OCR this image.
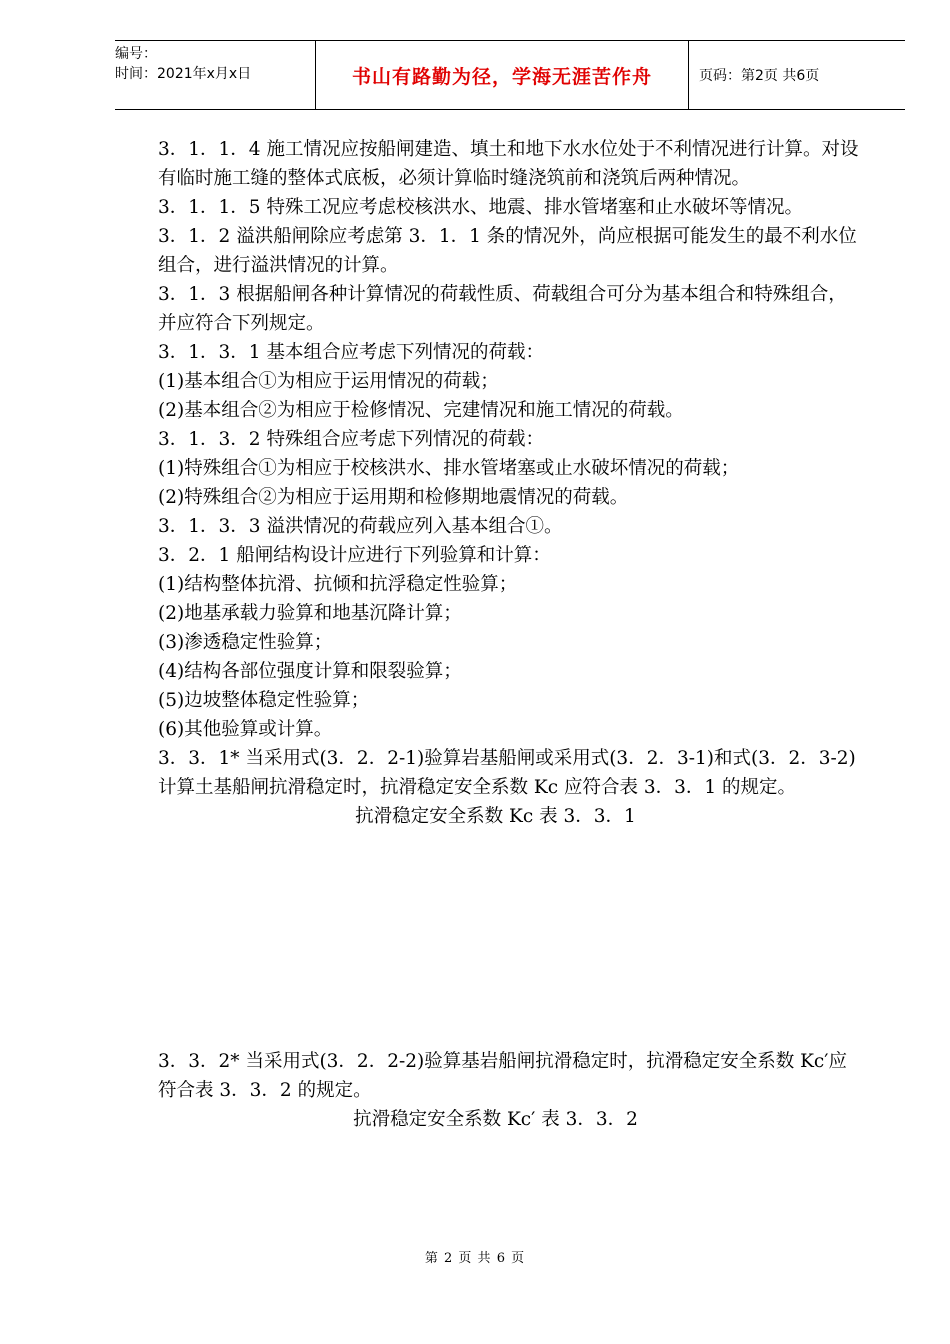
编号：
时间：2021年x月x日	书山有路勤为径，学海无涯苦作舟	页码：第2页 共6页

3．1．1．4 施工情况应按船闸建造、填土和地下水水位处于不利情况进行计算。对设有临时施工缝的整体式底板，必须计算临时缝浇筑前和浇筑后两种情况。

3．1．1．5 特殊工况应考虑校核洪水、地震、排水管堵塞和止水破坏等情况。

3．1．2 溢洪船闸除应考虑第 3．1．1 条的情况外，尚应根据可能发生的最不利水位组合，进行溢洪情况的计算。

3．1．3 根据船闸各种计算情况的荷载性质、荷载组合可分为基本组合和特殊组合，并应符合下列规定。

3．1．3．1 基本组合应考虑下列情况的荷载：

(1)基本组合①为相应于运用情况的荷载；

(2)基本组合②为相应于检修情况、完建情况和施工情况的荷载。

3．1．3．2 特殊组合应考虑下列情况的荷载：

(1)特殊组合①为相应于校核洪水、排水管堵塞或止水破坏情况的荷载；

(2)特殊组合②为相应于运用期和检修期地震情况的荷载。

3．1．3．3 溢洪情况的荷载应列入基本组合①。

3．2．1 船闸结构设计应进行下列验算和计算：

(1)结构整体抗滑、抗倾和抗浮稳定性验算；

(2)地基承载力验算和地基沉降计算；

(3)渗透稳定性验算；

(4)结构各部位强度计算和限裂验算；

(5)边坡整体稳定性验算；

(6)其他验算或计算。

3．3．1* 当采用式(3．2．2-1)验算岩基船闸或采用式(3．2．3-1)和式(3．2．3-2)计算土基船闸抗滑稳定时，抗滑稳定安全系数 Kc 应符合表 3．3．1 的规定。

抗滑稳定安全系数 Kc 表 3．3．1

3．3．2* 当采用式(3．2．2-2)验算基岩船闸抗滑稳定时，抗滑稳定安全系数 Kc′应符合表 3．3．2 的规定。

抗滑稳定安全系数 Kc′ 表 3．3．2

第 2 页 共 6 页
